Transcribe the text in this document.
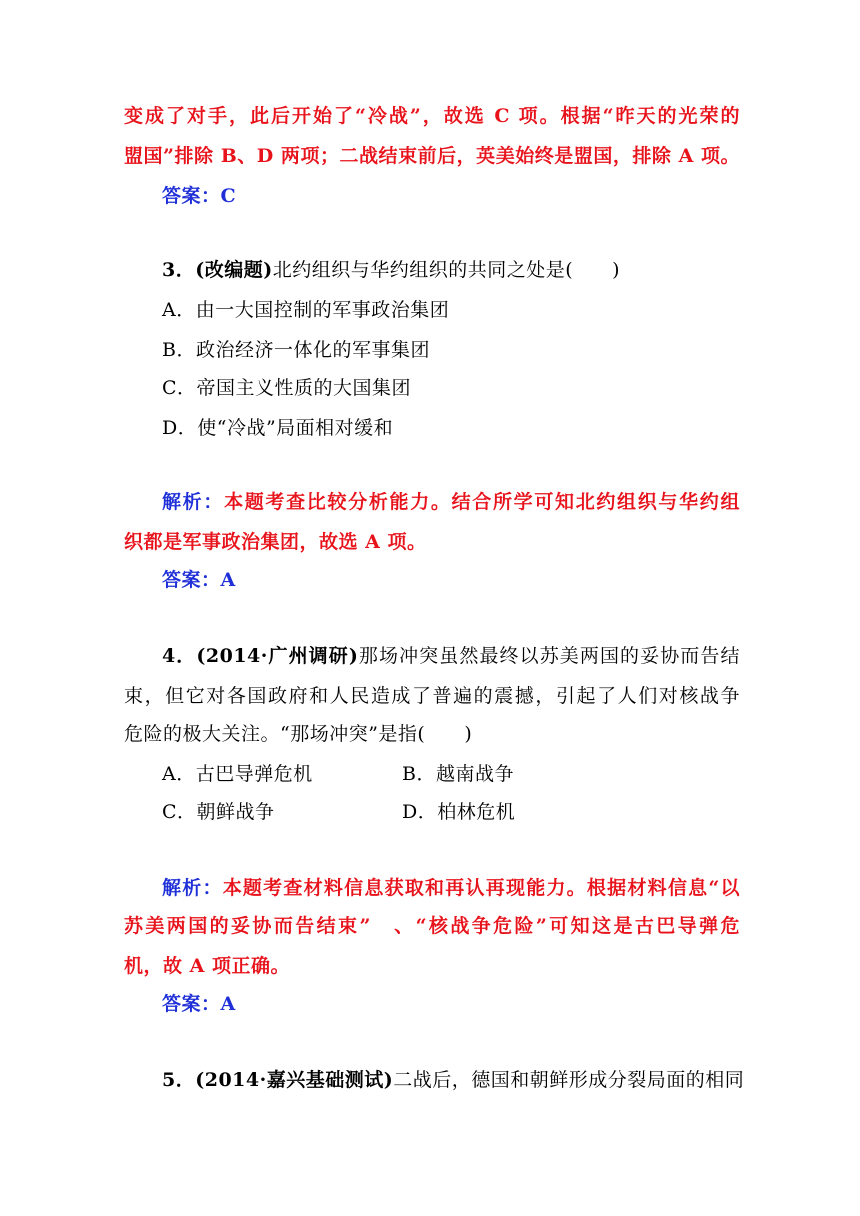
变成了对手，此后开始了“冷战”，故选 C 项。根据“昨天的光荣的
盟国”排除 B、D 两项；二战结束前后，英美始终是盟国，排除 A 项。
答案：C
3．(改编题)北约组织与华约组织的共同之处是(　　)
A．由一大国控制的军事政治集团
B．政治经济一体化的军事集团
C．帝国主义性质的大国集团
D．使“冷战”局面相对缓和
解析：本题考查比较分析能力。结合所学可知北约组织与华约组
织都是军事政治集团，故选 A 项。
答案：A
4．(2014·广州调研)那场冲突虽然最终以苏美两国的妥协而告结
束，但它对各国政府和人民造成了普遍的震撼，引起了人们对核战争
危险的极大关注。“那场冲突”是指(　　)
A．古巴导弹危机	B．越南战争
C．朝鲜战争	D．柏林危机
解析：本题考查材料信息获取和再认再现能力。根据材料信息“以
苏美两国的妥协而告结束”　、“核战争危险”可知这是古巴导弹危
机，故 A 项正确。
答案：A
5．(2014·嘉兴基础测试)二战后，德国和朝鲜形成分裂局面的相同
